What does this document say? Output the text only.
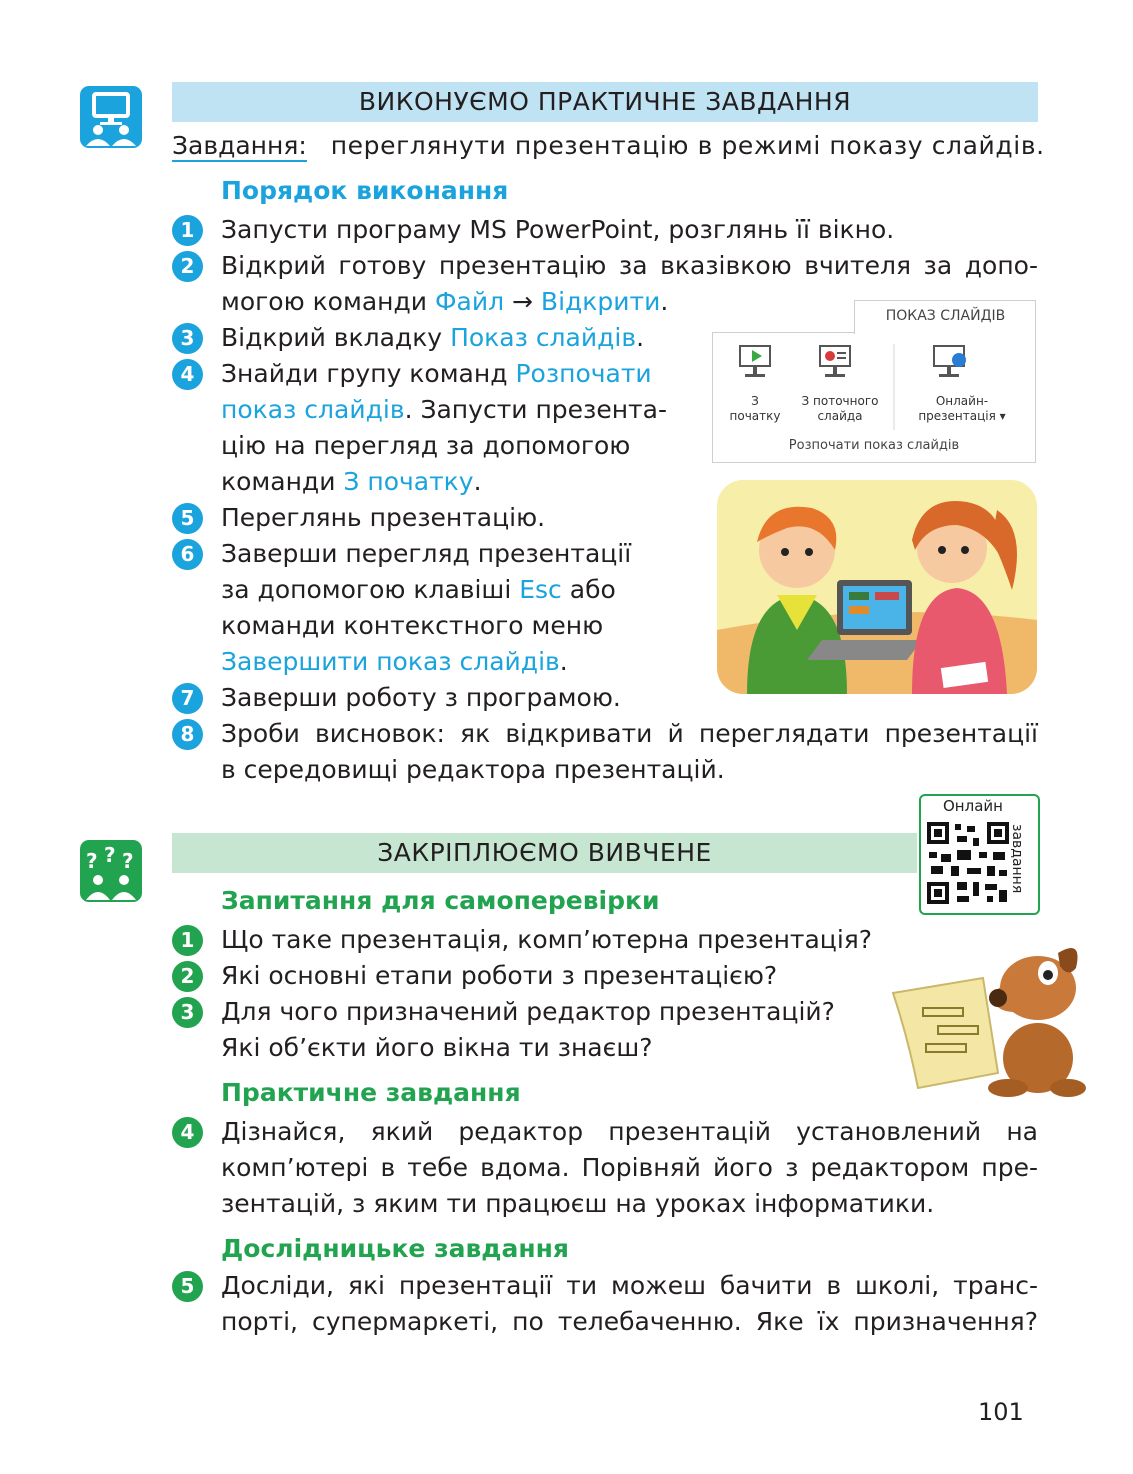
ВИКОНУЄМО ПРАКТИЧНЕ ЗАВДАННЯ
Завдання: переглянути презентацію в режимі показу слайдів.
Порядок виконання
1
2
3
4
5
6
7
8
Запусти програму MS PowerPoint, розглянь її вікно.
Відкрий готову презентацію за вказівкою вчителя за допо-
могою команди Файл → Відкрити.
Відкрий вкладку Показ слайдів.
Знайди групу команд Розпочати
показ слайдів. Запусти презента-
цію на перегляд за допомогою
команди З початку.
Переглянь презентацію.
Заверши перегляд презентації
за допомогою клавіші Esc або
команди контекстного меню
Завершити показ слайдів.
Заверши роботу з програмою.
Зроби висновок: як відкривати й переглядати презентації
в середовищі редактора презентацій.
ПОКАЗ СЛАЙДІВ
З
початку
З поточного
слайда
Онлайн-
презентація ▾
Розпочати показ слайдів
Онлайн
завдання
? ? ?	ЗАКРІПЛЮЄМО ВИВЧЕНЕ
Запитання для самоперевірки
1
2
3
4
5
Що таке презентація, комп’ютерна презентація?
Які основні етапи роботи з презентацією?
Для чого призначений редактор презентацій?
Які об’єкти його вікна ти знаєш?
Практичне завдання
Дізнайся, який редактор презентацій установлений на
комп’ютері в тебе вдома. Порівняй його з редактором пре-
зентацій, з яким ти працюєш на уроках інформатики.
Дослідницьке завдання
Досліди, які презентації ти можеш бачити в школі, транс-
порті, супермаркеті, по телебаченню. Яке їх призначення?
101
